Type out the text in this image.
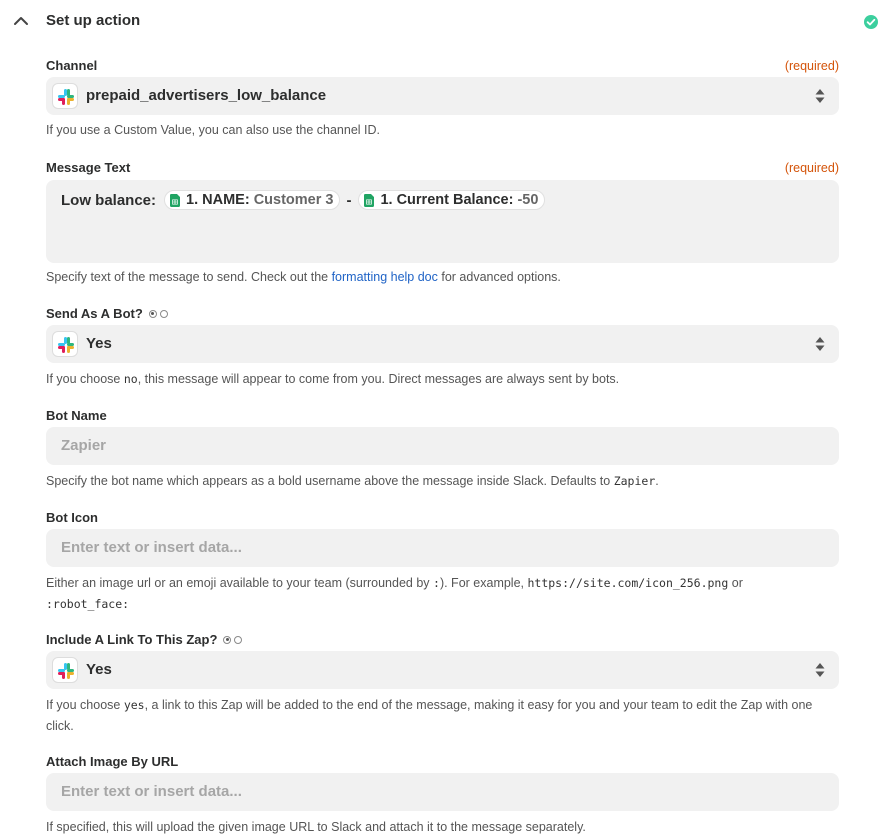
Set up action
Channel	(required)
prepaid_advertisers_low_balance
If you use a Custom Value, you can also use the channel ID.
Message Text	(required)
Low balance: 1. NAME: Customer 3 - 1. Current Balance: -50
Specify text of the message to send. Check out the formatting help doc for advanced options.
Send As A Bot?
Yes
If you choose no, this message will appear to come from you. Direct messages are always sent by bots.
Bot Name
Zapier
Specify the bot name which appears as a bold username above the message inside Slack. Defaults to Zapier.
Bot Icon
Enter text or insert data...
Either an image url or an emoji available to your team (surrounded by :). For example, https://site.com/icon_256.png or
:robot_face:
Include A Link To This Zap?
Yes
If you choose yes, a link to this Zap will be added to the end of the message, making it easy for you and your team to edit the Zap with one click.
Attach Image By URL
Enter text or insert data...
If specified, this will upload the given image URL to Slack and attach it to the message separately.
